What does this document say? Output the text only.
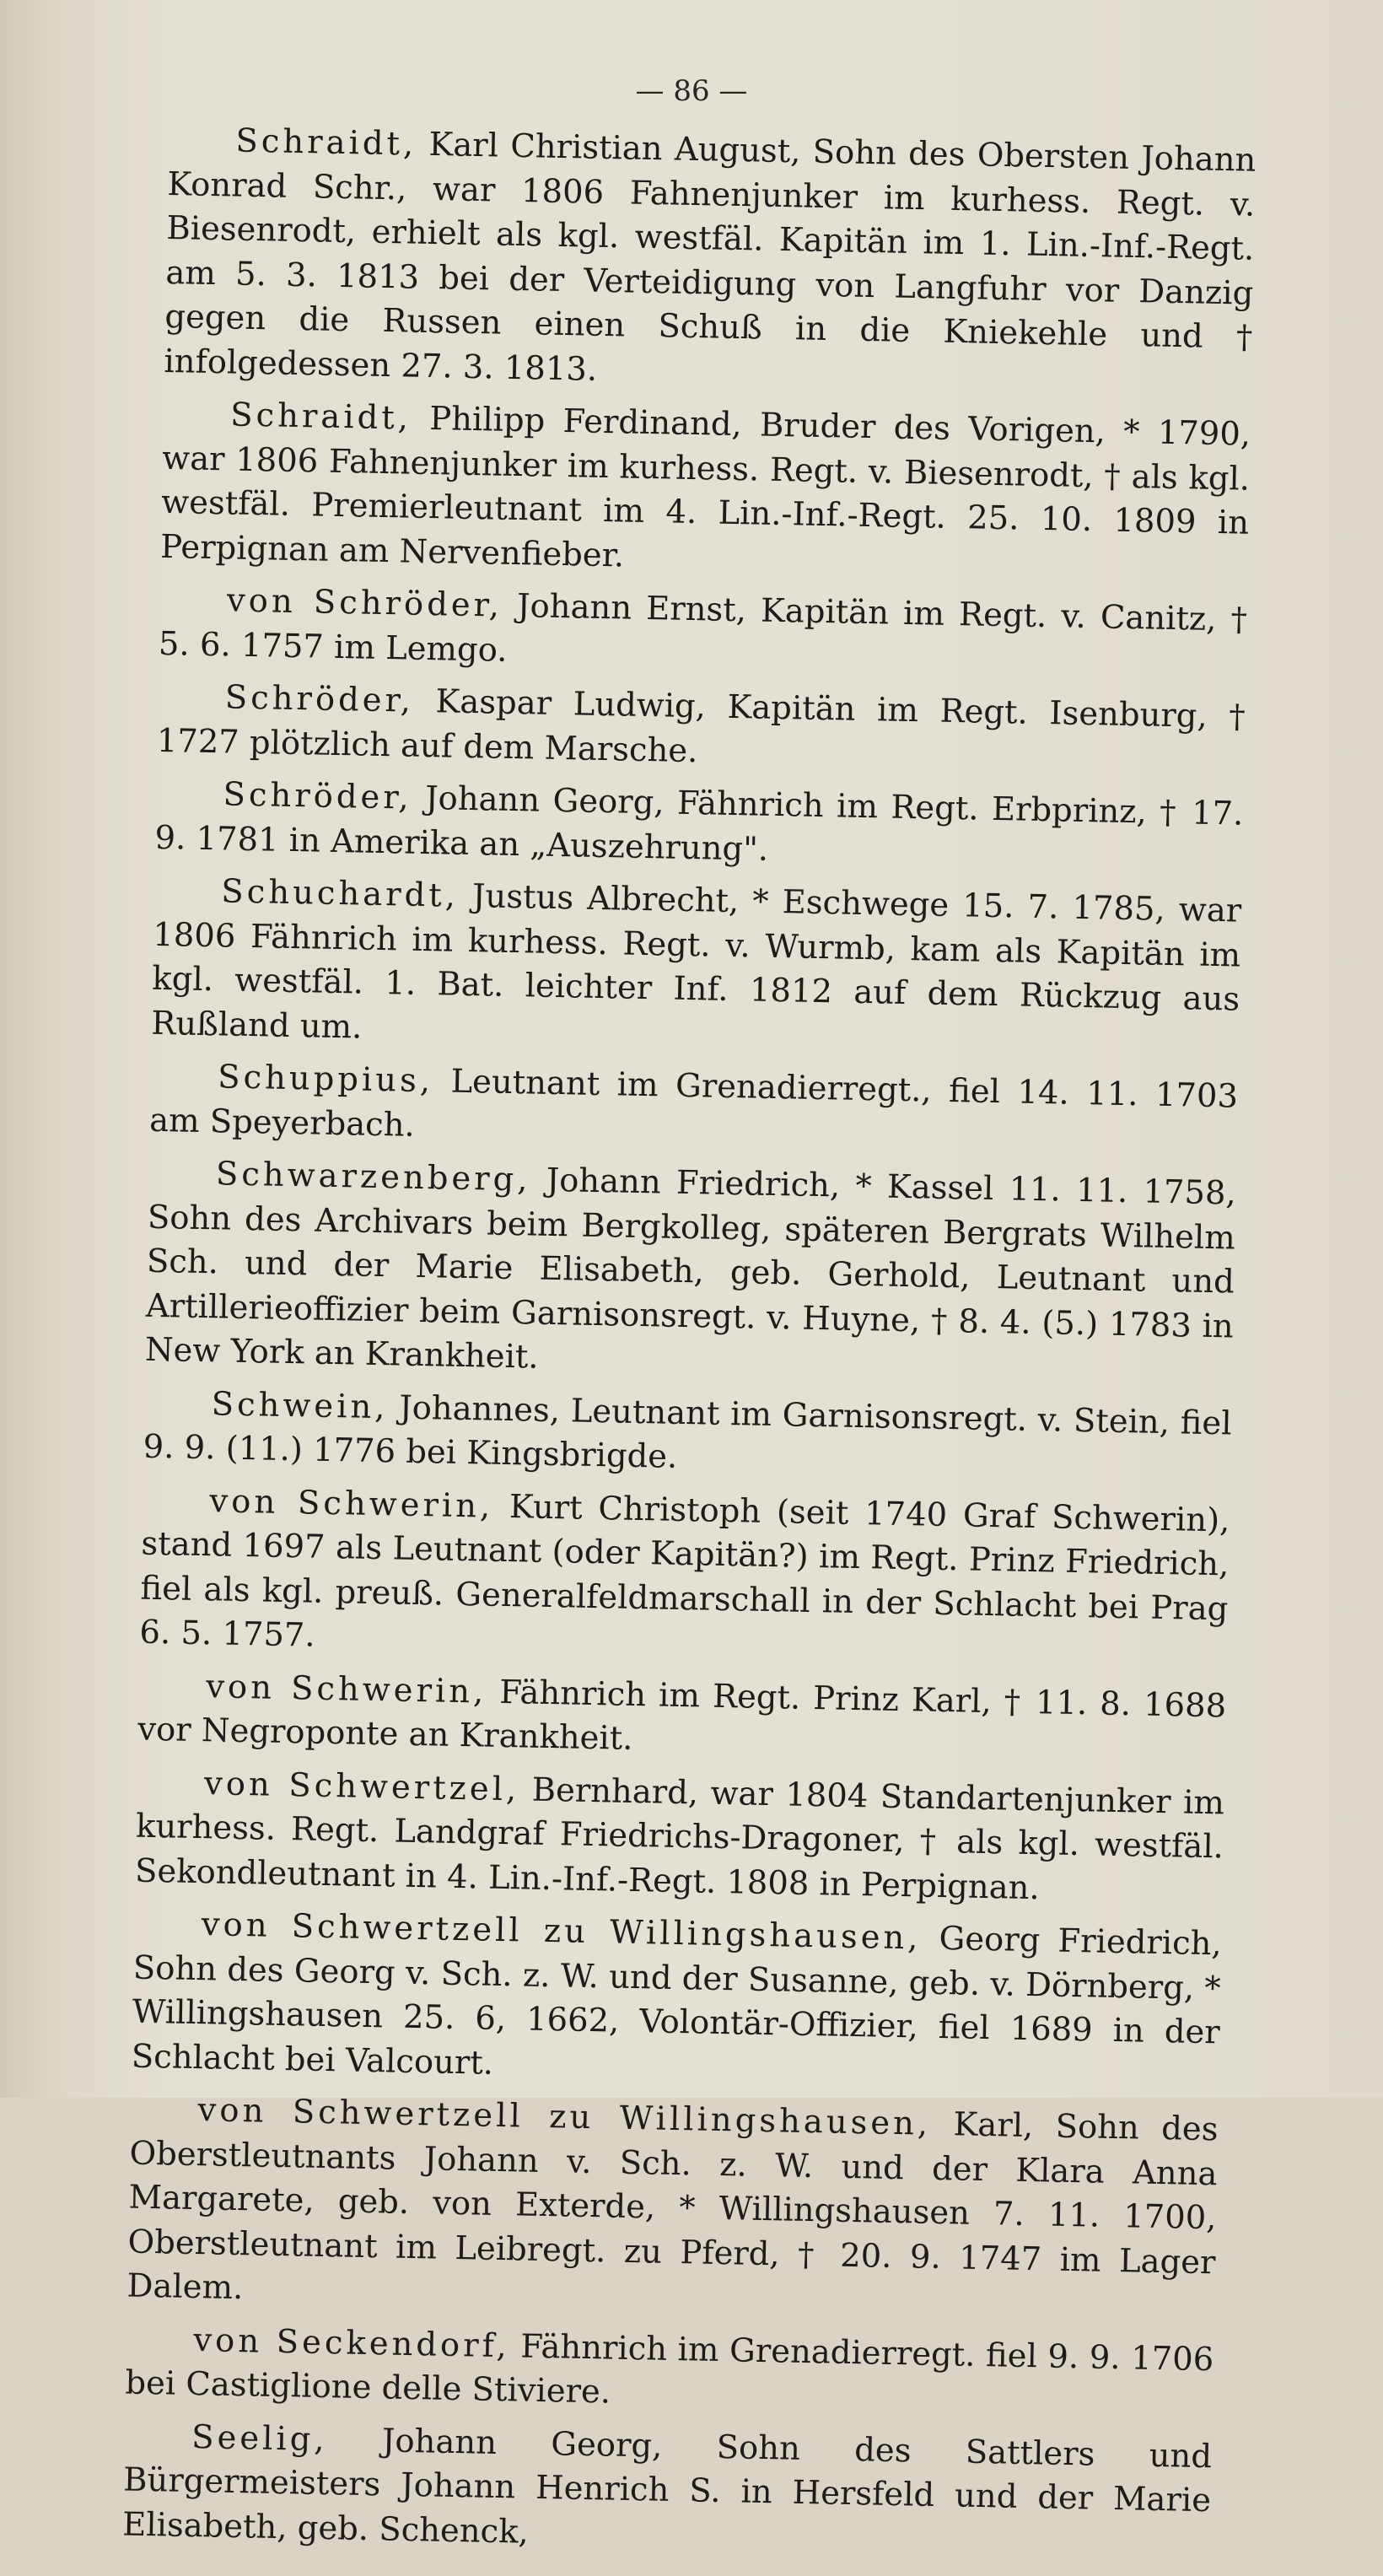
— 86 —

Schraidt, Karl Christian August, Sohn des Obersten Johann Konrad Schr., war 1806 Fahnenjunker im kurhess. Regt. v. Biesenrodt, erhielt als kgl. westfäl. Kapitän im 1. Lin.-Inf.-Regt. am 5. 3. 1813 bei der Verteidigung von Langfuhr vor Danzig gegen die Russen einen Schuß in die Kniekehle und † infolgedessen 27. 3. 1813.

Schraidt, Philipp Ferdinand, Bruder des Vorigen, * 1790, war 1806 Fahnenjunker im kurhess. Regt. v. Biesenrodt, † als kgl. westfäl. Premierleutnant im 4. Lin.-Inf.-Regt. 25. 10. 1809 in Perpignan am Nervenfieber.

von Schröder, Johann Ernst, Kapitän im Regt. v. Canitz, † 5. 6. 1757 im Lemgo.

Schröder, Kaspar Ludwig, Kapitän im Regt. Isenburg, † 1727 plötzlich auf dem Marsche.

Schröder, Johann Georg, Fähnrich im Regt. Erbprinz, † 17. 9. 1781 in Amerika an „Auszehrung".

Schuchardt, Justus Albrecht, * Eschwege 15. 7. 1785, war 1806 Fähnrich im kurhess. Regt. v. Wurmb, kam als Kapitän im kgl. westfäl. 1. Bat. leichter Inf. 1812 auf dem Rückzug aus Rußland um.

Schuppius, Leutnant im Grenadierregt., fiel 14. 11. 1703 am Speyerbach.

Schwarzenberg, Johann Friedrich, * Kassel 11. 11. 1758, Sohn des Archivars beim Bergkolleg, späteren Bergrats Wilhelm Sch. und der Marie Elisabeth, geb. Gerhold, Leutnant und Artillerieoffizier beim Garnisonsregt. v. Huyne, † 8. 4. (5.) 1783 in New York an Krankheit.

Schwein, Johannes, Leutnant im Garnisonsregt. v. Stein, fiel 9. 9. (11.) 1776 bei Kingsbrigde.

von Schwerin, Kurt Christoph (seit 1740 Graf Schwerin), stand 1697 als Leutnant (oder Kapitän?) im Regt. Prinz Friedrich, fiel als kgl. preuß. Generalfeldmarschall in der Schlacht bei Prag 6. 5. 1757.

von Schwerin, Fähnrich im Regt. Prinz Karl, † 11. 8. 1688 vor Negroponte an Krankheit.

von Schwertzel, Bernhard, war 1804 Standartenjunker im kurhess. Regt. Landgraf Friedrichs-Dragoner, † als kgl. westfäl. Sekondleutnant in 4. Lin.-Inf.-Regt. 1808 in Perpignan.

von Schwertzell zu Willingshausen, Georg Friedrich, Sohn des Georg v. Sch. z. W. und der Susanne, geb. v. Dörnberg, * Willingshausen 25. 6, 1662, Volontär-Offizier, fiel 1689 in der Schlacht bei Valcourt.

von Schwertzell zu Willingshausen, Karl, Sohn des Oberstleutnants Johann v. Sch. z. W. und der Klara Anna Margarete, geb. von Exterde, * Willingshausen 7. 11. 1700, Oberstleutnant im Leibregt. zu Pferd, † 20. 9. 1747 im Lager Dalem.

von Seckendorf, Fähnrich im Grenadierregt. fiel 9. 9. 1706 bei Castiglione delle Stiviere.

Seelig, Johann Georg, Sohn des Sattlers und Bürgermeisters Johann Henrich S. in Hersfeld und der Marie Elisabeth, geb. Schenck,
